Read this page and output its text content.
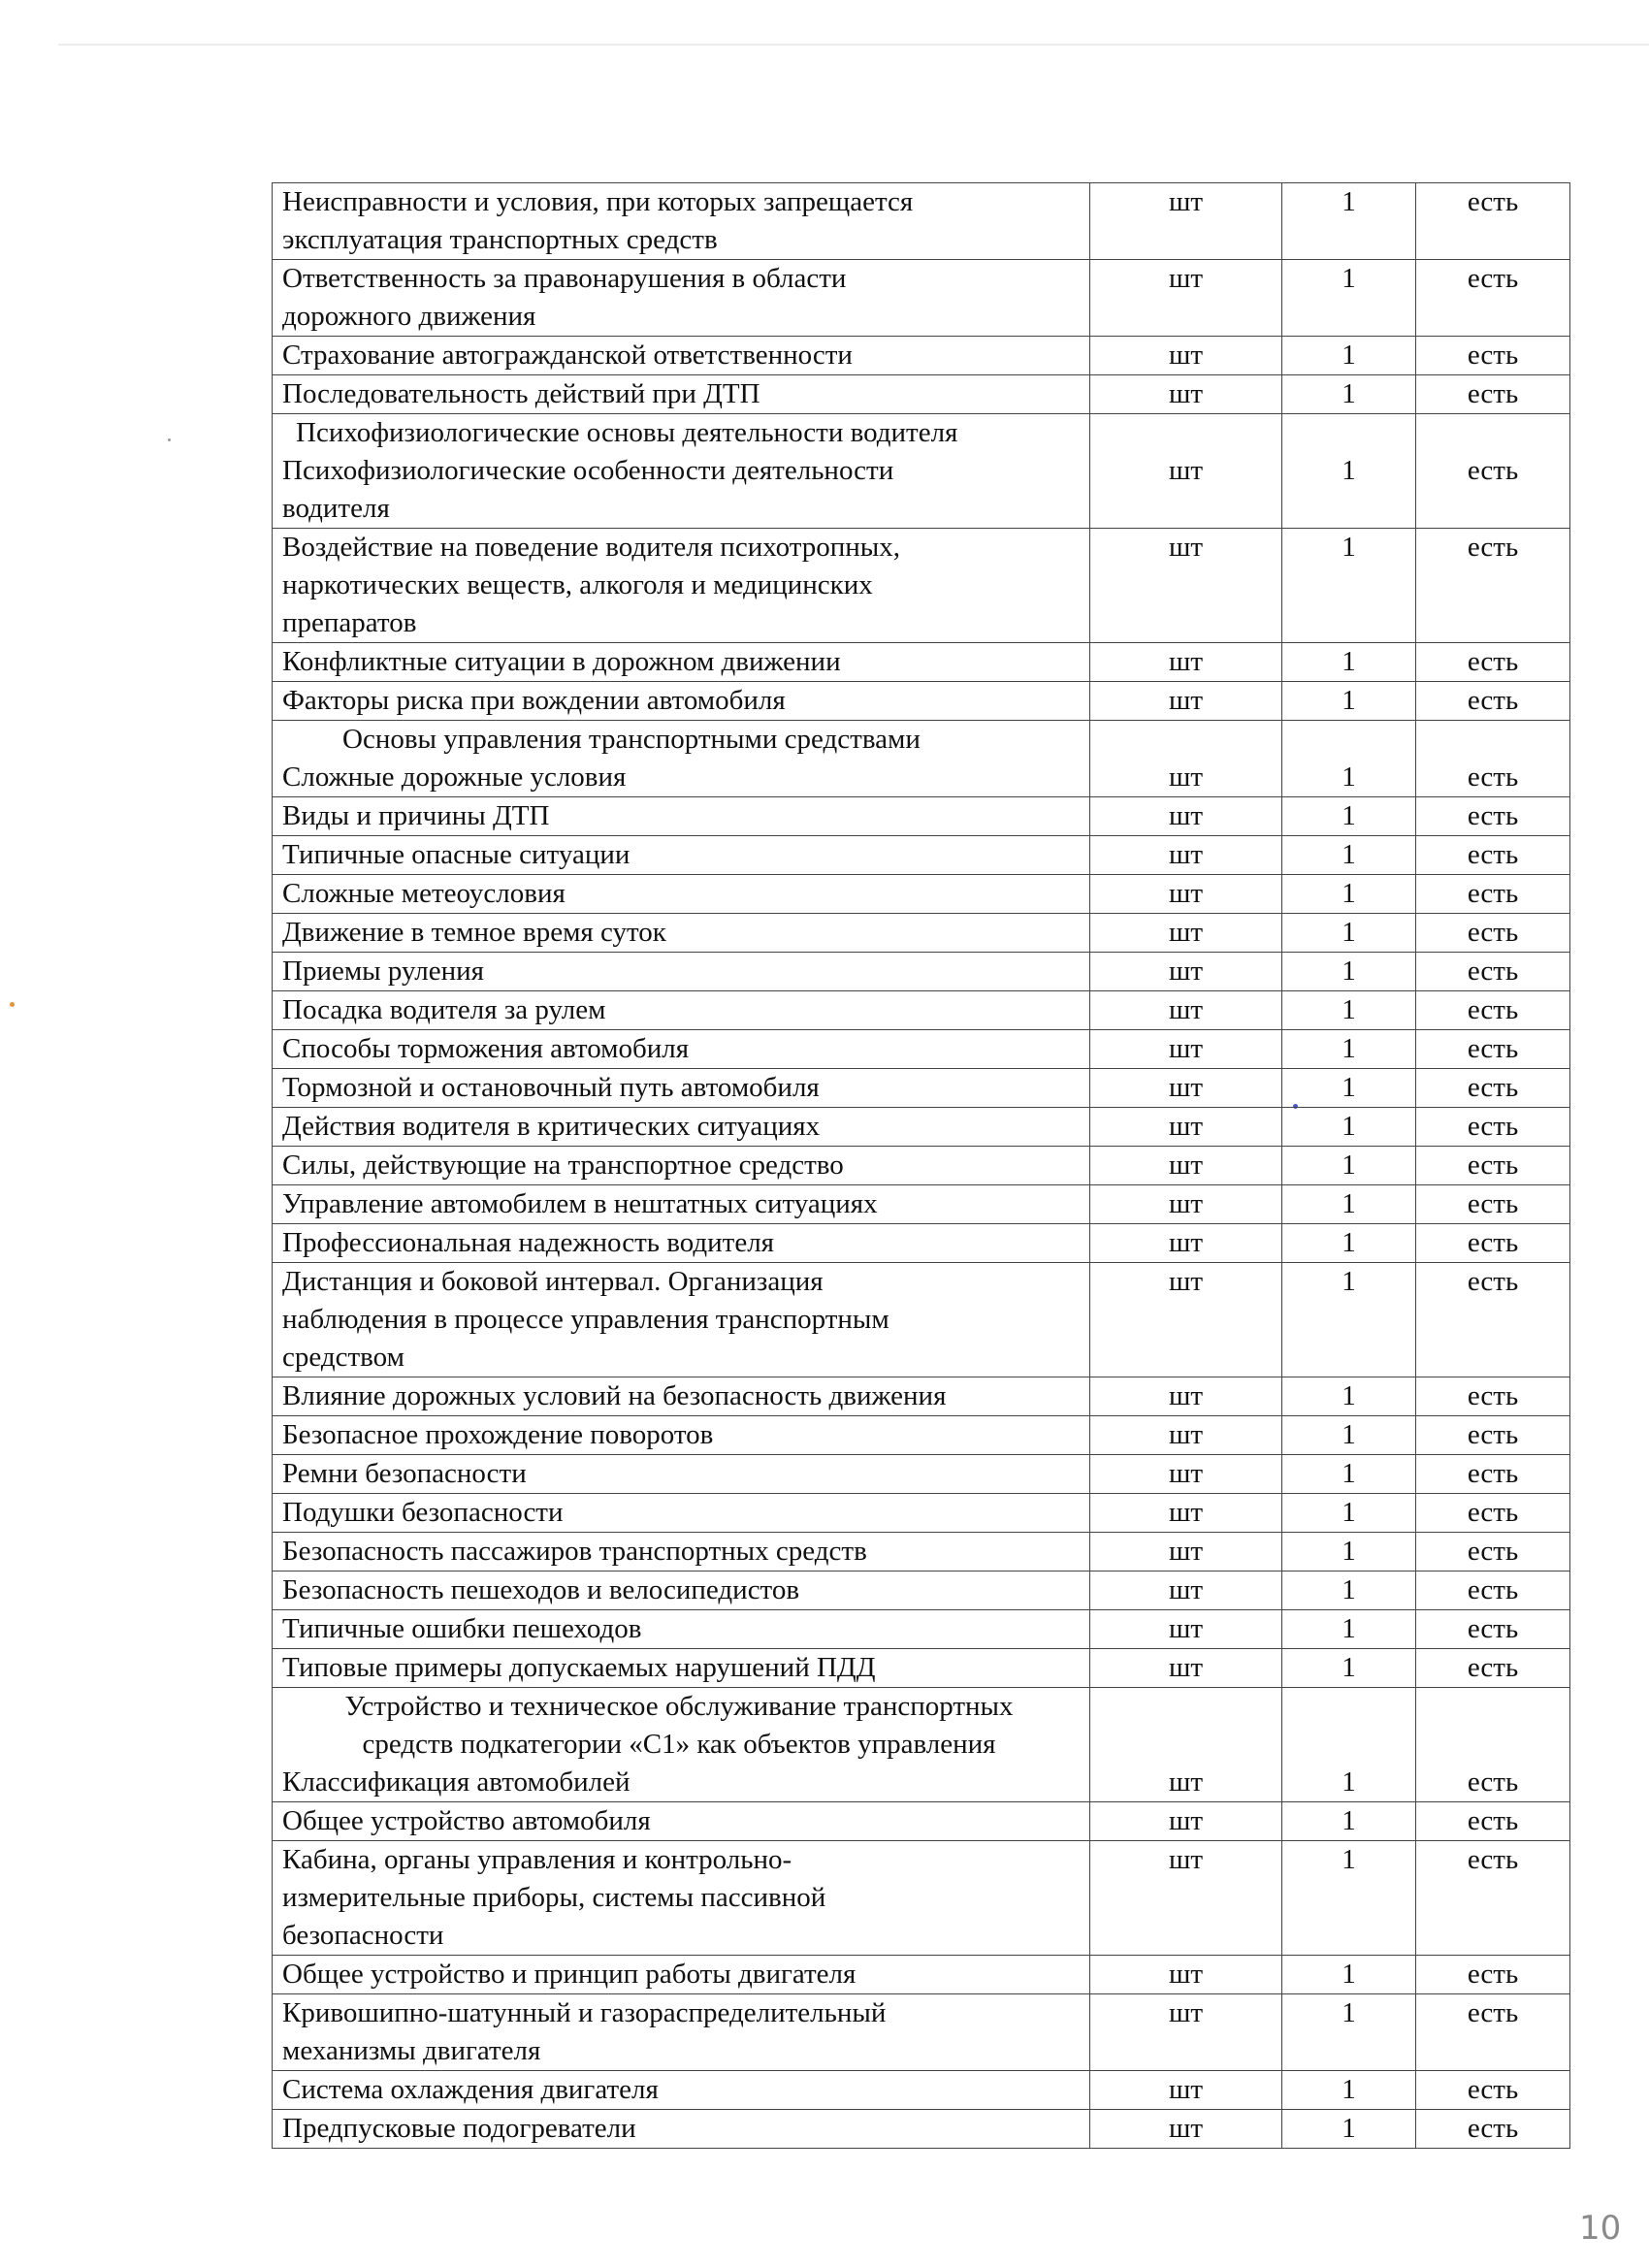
Неисправности и условия, при которых запрещается
эксплуатация транспортных средств	шт	1	есть

Ответственность за правонарушения в области
дорожного движения	шт	1	есть

Страхование автогражданской ответственности	шт	1	есть

Последовательность действий при ДТП	шт	1	есть

Психофизиологические основы деятельности водителя
Психофизиологические особенности деятельности
водителя	шт	1	есть

Воздействие на поведение водителя психотропных,
наркотических веществ, алкоголя и медицинских
препаратов	шт	1	есть

Конфликтные ситуации в дорожном движении	шт	1	есть

Факторы риска при вождении автомобиля	шт	1	есть

Основы управления транспортными средствами
Сложные дорожные условия	шт	1	есть

Виды и причины ДТП	шт	1	есть

Типичные опасные ситуации	шт	1	есть

Сложные метеоусловия	шт	1	есть

Движение в темное время суток	шт	1	есть

Приемы руления	шт	1	есть

Посадка водителя за рулем	шт	1	есть

Способы торможения автомобиля	шт	1	есть

Тормозной и остановочный путь автомобиля	шт	1	есть

Действия водителя в критических ситуациях	шт	1	есть

Силы, действующие на транспортное средство	шт	1	есть

Управление автомобилем в нештатных ситуациях	шт	1	есть

Профессиональная надежность водителя	шт	1	есть

Дистанция и боковой интервал. Организация
наблюдения в процессе управления транспортным
средством	шт	1	есть

Влияние дорожных условий на безопасность движения	шт	1	есть

Безопасное прохождение поворотов	шт	1	есть

Ремни безопасности	шт	1	есть

Подушки безопасности	шт	1	есть

Безопасность пассажиров транспортных средств	шт	1	есть

Безопасность пешеходов и велосипедистов	шт	1	есть

Типичные ошибки пешеходов	шт	1	есть

Типовые примеры допускаемых нарушений ПДД	шт	1	есть

Устройство и техническое обслуживание транспортных
средств подкатегории «С1» как объектов управления
Классификация автомобилей	шт	1	есть

Общее устройство автомобиля	шт	1	есть

Кабина, органы управления и контрольно-
измерительные приборы, системы пассивной
безопасности	шт	1	есть

Общее устройство и принцип работы двигателя	шт	1	есть

Кривошипно-шатунный и газораспределительный
механизмы двигателя	шт	1	есть

Система охлаждения двигателя	шт	1	есть

Предпусковые подогреватели	шт	1	есть
10
